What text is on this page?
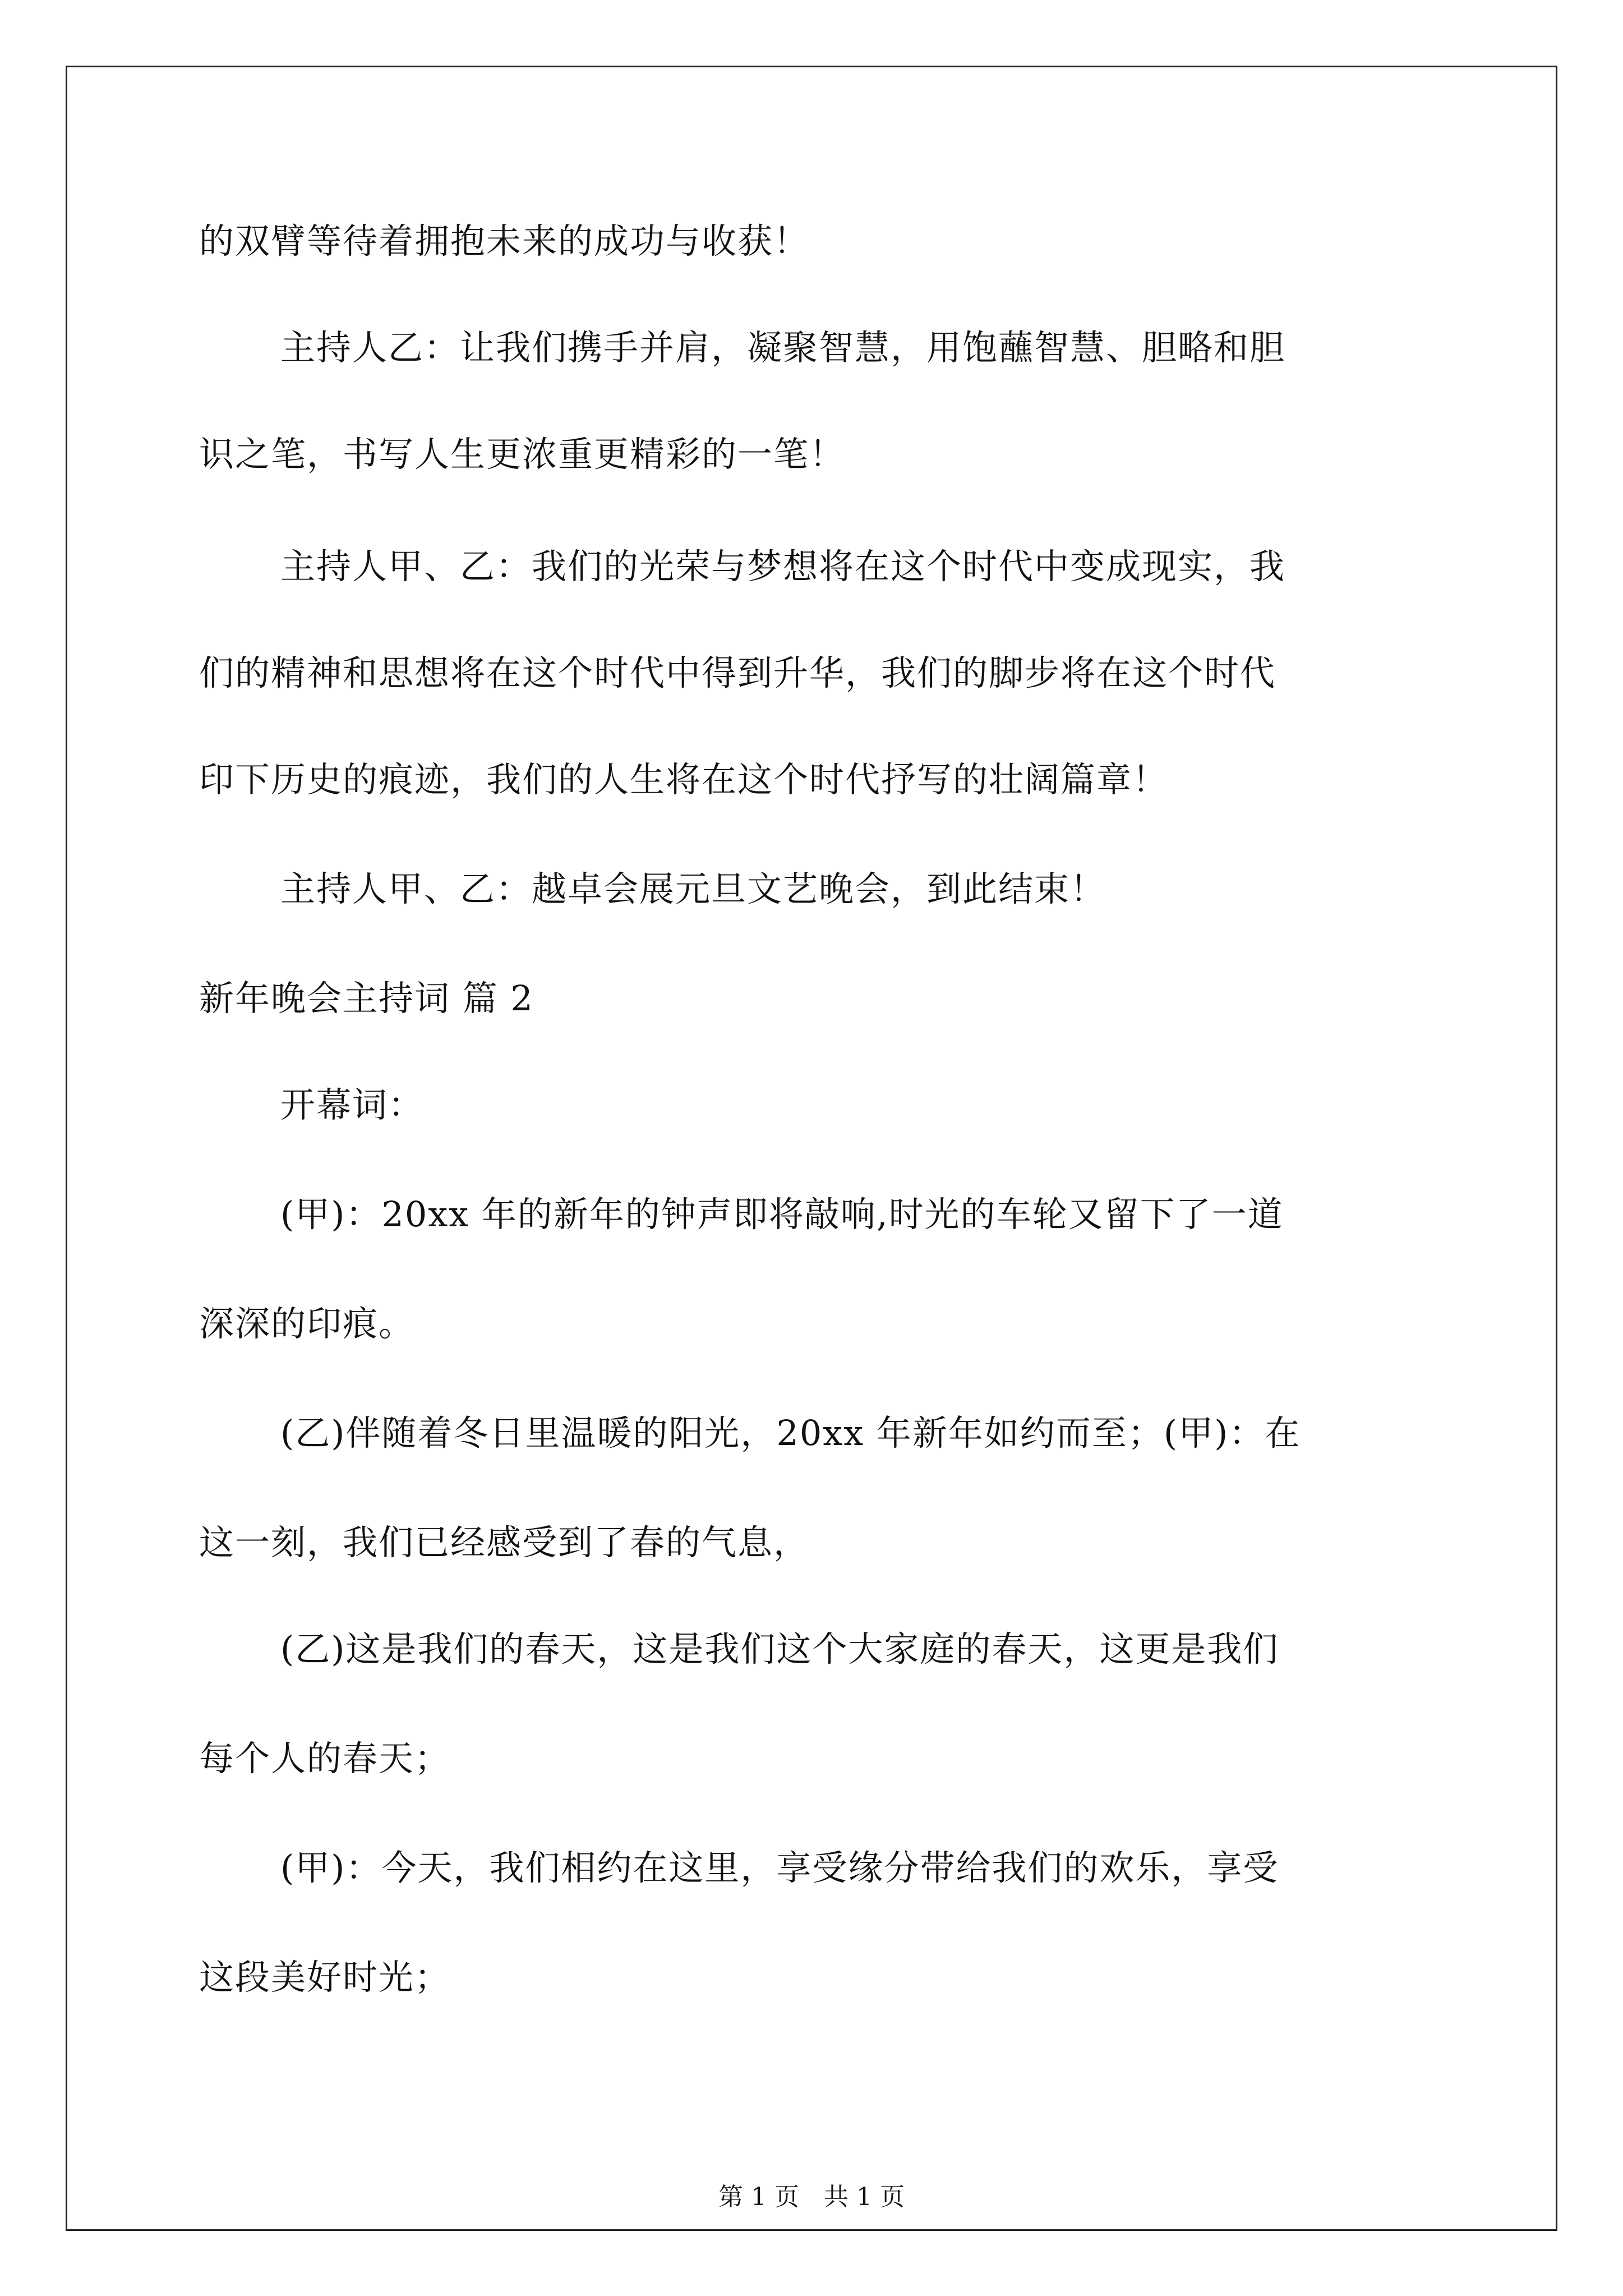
的双臂等待着拥抱未来的成功与收获！
主持人乙：让我们携手并肩，凝聚智慧，用饱蘸智慧、胆略和胆
识之笔，书写人生更浓重更精彩的一笔！
主持人甲、乙：我们的光荣与梦想将在这个时代中变成现实，我
们的精神和思想将在这个时代中得到升华，我们的脚步将在这个时代
印下历史的痕迹，我们的人生将在这个时代抒写的壮阔篇章！
主持人甲、乙：越卓会展元旦文艺晚会，到此结束！
新年晚会主持词 篇 2
开幕词：
(甲)：20xx 年的新年的钟声即将敲响,时光的车轮又留下了一道
深深的印痕。
(乙)伴随着冬日里温暖的阳光，20xx 年新年如约而至；(甲)：在
这一刻，我们已经感受到了春的气息，
(乙)这是我们的春天，这是我们这个大家庭的春天，这更是我们
每个人的春天；
(甲)：今天，我们相约在这里，享受缘分带给我们的欢乐，享受
这段美好时光；
第 1 页　共 1 页
